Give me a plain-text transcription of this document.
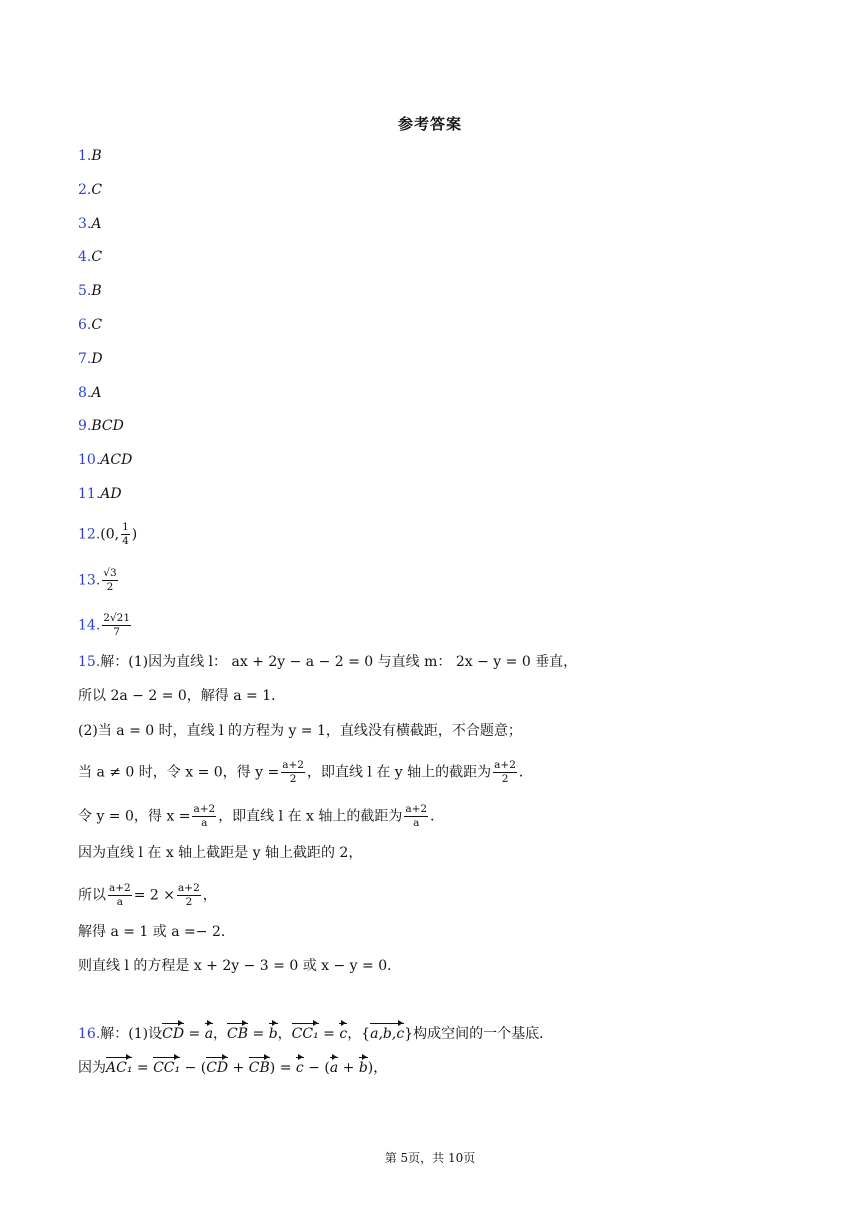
参考答案
1.B
2.C
3.A
4.C
5.B
6.C
7.D
8.A
9.BCD
10.ACD
11.AD
12.(0, $\frac{1}{4}$ )
13. $\frac{√3}{2}$
14. $\frac{2√21}{7}$
15.解：(1)因为直线 l： ax + 2y − a − 2 = 0 与直线 m： 2x − y = 0 垂直，
所以 2a − 2 = 0，解得 a = 1．
(2)当 a = 0 时，直线 l 的方程为 y = 1，直线没有横截距，不合题意；
当 a ≠ 0 时，令 x = 0，得 $y = \frac{a+2}{2}$ ，即直线 l 在 y 轴上的截距为 $\frac{a+2}{2}$ ．
令 y = 0，得 $x = \frac{a+2}{a}$ ，即直线 l 在 x 轴上的截距为 $\frac{a+2}{a}$ ．
因为直线 l 在 x 轴上截距是 y 轴上截距的 2，
所以 $\frac{a+2}{a} = 2 \times \frac{a+2}{2}$ ，
解得 a = 1 或 a =− 2．
则直线 l 的方程是 x + 2y − 3 = 0 或 x − y = 0．
16.解：(1)设CD = a，CB = b，CC₁ = c，{a,b,c}构成空间的一个基底．
因为AC₁ = CC₁ − (CD + CB) = c − (a + b)，
第 5页，共 10页
